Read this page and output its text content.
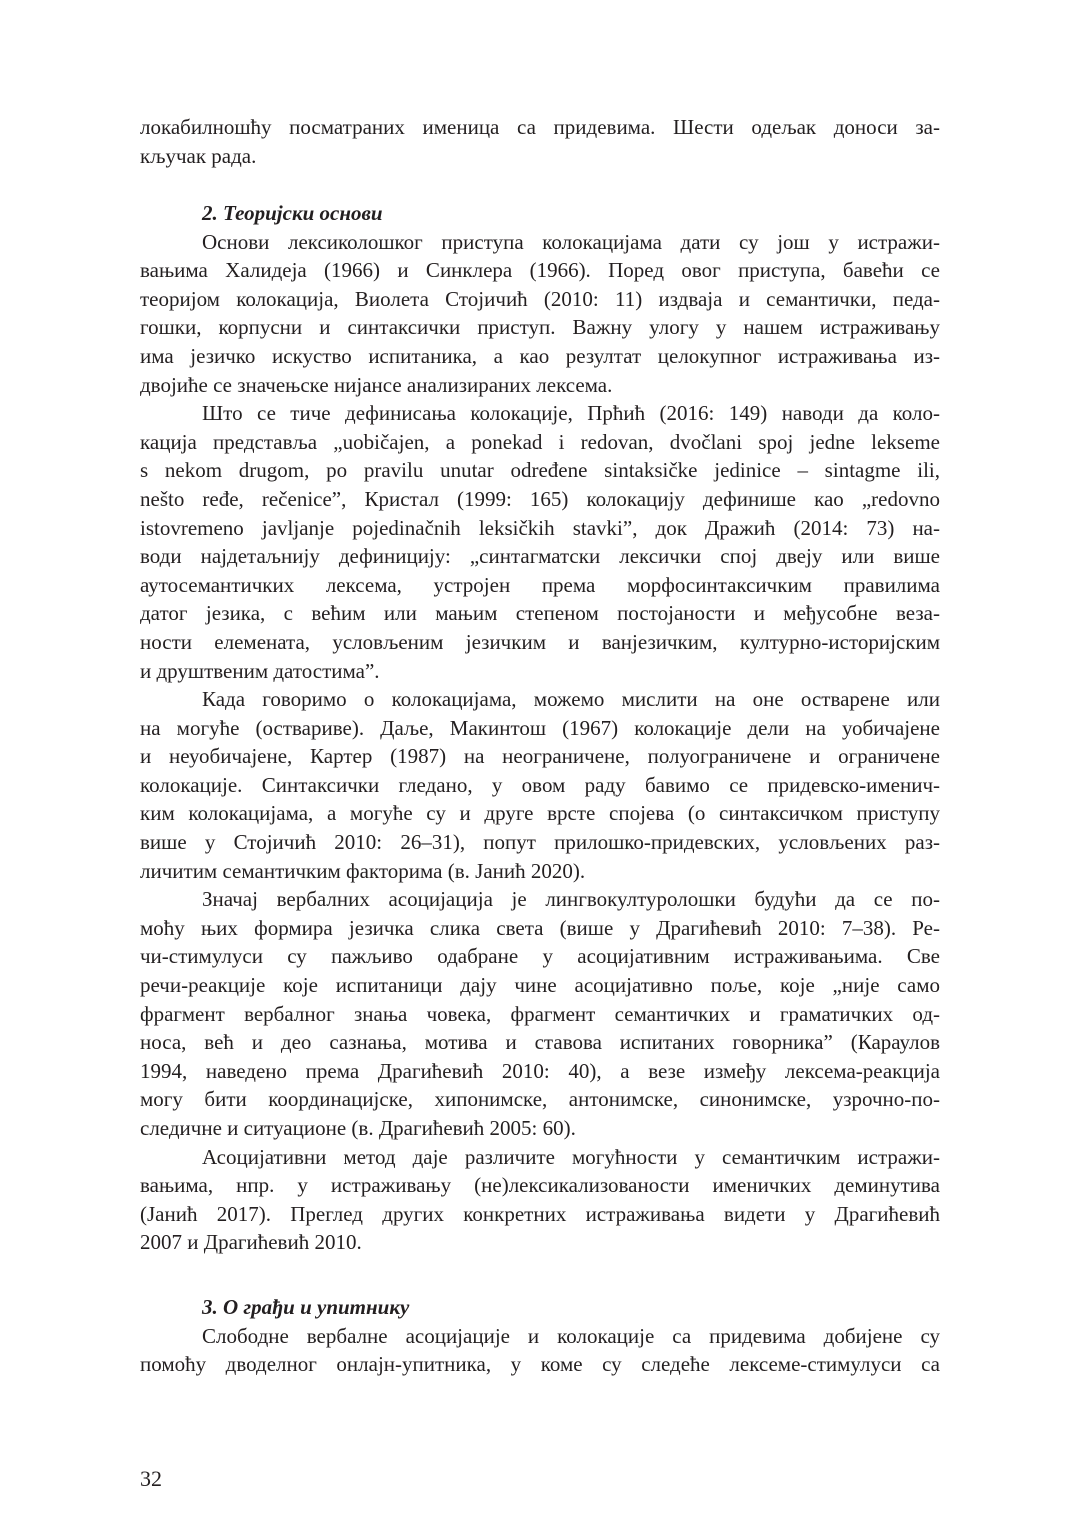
локабилношћу посматраних именица са придевима. Шести одељак доноси за-
кључак рада.
2. Теоријски основи
Основи лексиколошког приступа колокацијама дати су још у истражи-
вањима Халидеја (1966) и Синклера (1966). Поред овог приступа, бавећи се
теоријом колокација, Виолета Стојичић (2010: 11) издваја и семантички, педа-
гошки, корпусни и синтаксички приступ. Важну улогу у нашем истраживању
има језичко искуство испитаника, а као резултат целокупног истраживања из-
двојиће се значењске нијансе анализираних лексема.
Што се тиче дефинисања колокације, Прћић (2016: 149) наводи да коло-
кација представља „uobičajen, a ponekad i redovan, dvočlani spoj jedne lekseme
s nekom drugom, po pravilu unutar određene sintaksičke jedinice – sintagme ili,
nešto ređe, rečenice”, Кристал (1999: 165) колокацију дефинише као „redovno
istovremeno javljanje pojedinačnih leksičkih stavki”, док Дражић (2014: 73) на-
води најдетаљнију дефиницију: „синтагматски лексички спој двеју или више
аутосемантичких лексема, устројен према морфосинтаксичким правилима
датог језика, с већим или мањим степеном постојаности и међусобне веза-
ности елемената, условљеним језичким и ванјезичким, културно-историјским
и друштвеним датостима”.
Када говоримо о колокацијама, можемо мислити на оне остварене или
на могуће (оствариве). Даље, Макинтош (1967) колокације дели на уобичајене
и неуобичајене, Картер (1987) на неограничене, полуограничене и ограничене
колокације. Синтаксички гледано, у овом раду бавимо се придевско-именич-
ким колокацијама, а могуће су и друге врсте спојева (о синтаксичком приступу
више у Стојичић 2010: 26–31), попут прилошко-придевских, условљених раз-
личитим семантичким факторима (в. Јанић 2020).
Значај вербалних асоцијација је лингвокултуролошки будући да се по-
моћу њих формира језичка слика света (више у Драгићевић 2010: 7–38). Ре-
чи-стимулуси су пажљиво одабране у асоцијативним истраживањима. Све
речи-реакције које испитаници дају чине асоцијативно поље, које „није само
фрагмент вербалног знања човека, фрагмент семантичких и граматичких од-
носа, већ и део сазнања, мотива и ставова испитаних говорника” (Караулов
1994, наведено према Драгићевић 2010: 40), а везе између лексема-реакција
могу бити координацијске, хипонимске, антонимске, синонимске, узрочно-по-
следичне и ситуационе (в. Драгићевић 2005: 60).
Асоцијативни метод даје различите могућности у семантичким истражи-
вањима, нпр. у истраживању (не)лексикализованости именичких деминутива
(Јанић 2017). Преглед других конкретних истраживања видети у Драгићевић
2007 и Драгићевић 2010.
3. О грађи и упитнику
Слободне вербалне асоцијације и колокације са придевима добијене су
помоћу дводелног онлајн-упитника, у коме су следеће лексеме-стимулуси са
32
